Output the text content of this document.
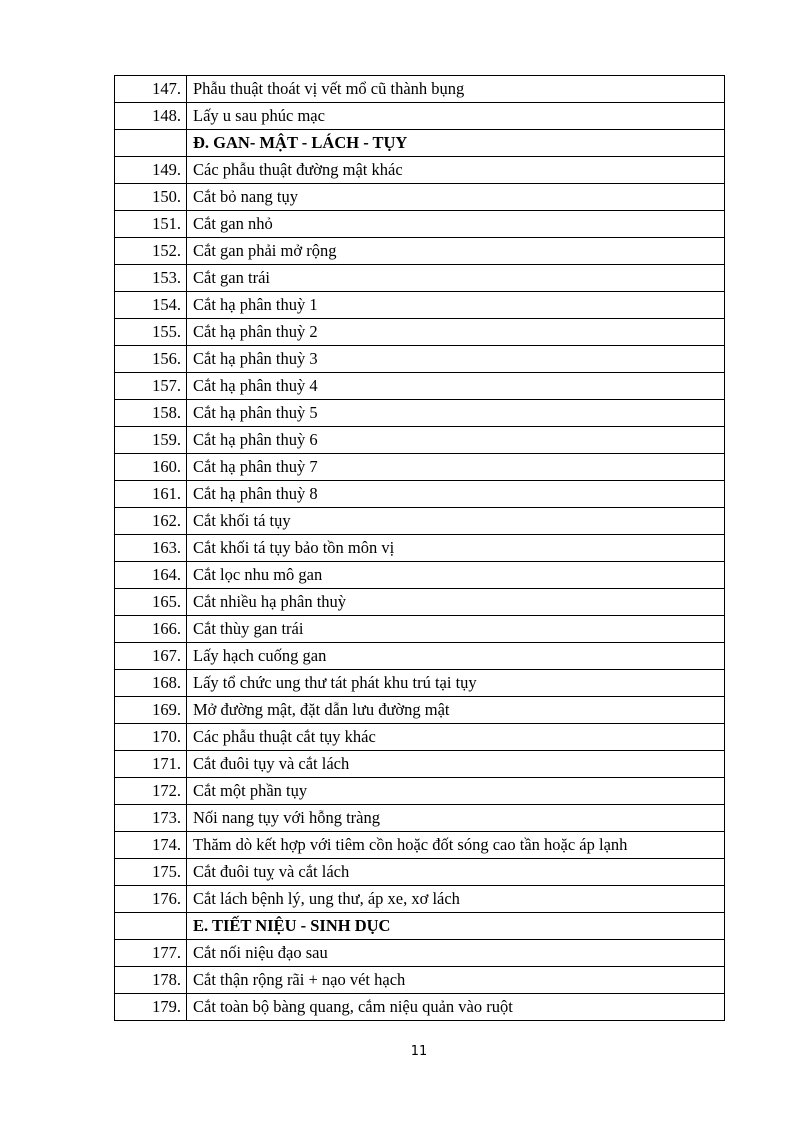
147.	Phẫu thuật thoát vị vết mổ cũ thành bụng
148.	Lấy u sau phúc mạc
	Đ. GAN- MẬT - LÁCH - TỤY
149.	Các phẫu thuật đường mật khác
150.	Cắt bỏ nang tụy
151.	Cắt gan nhỏ
152.	Cắt gan phải mở rộng
153.	Cắt gan trái
154.	Cắt hạ phân thuỳ 1
155.	Cắt hạ phân thuỳ 2
156.	Cắt hạ phân thuỳ 3
157.	Cắt hạ phân thuỳ 4
158.	Cắt hạ phân thuỳ 5
159.	Cắt hạ phân thuỳ 6
160.	Cắt hạ phân thuỳ 7
161.	Cắt hạ phân thuỳ 8
162.	Cắt khối tá tụy
163.	Cắt khối tá tụy bảo tồn môn vị
164.	Cắt lọc nhu mô gan
165.	Cắt nhiều hạ phân thuỳ
166.	Cắt thùy gan trái
167.	Lấy hạch cuống gan
168.	Lấy tổ chức ung thư tát phát khu trú tại tụy
169.	Mở đường mật, đặt dẫn lưu đường mật
170.	Các phẫu thuật cắt tụy khác
171.	Cắt đuôi tụy và cắt lách
172.	Cắt một phần tụy
173.	Nối nang tụy với hỗng tràng
174.	Thăm dò kết hợp với tiêm cồn hoặc đốt sóng cao tần hoặc áp lạnh
175.	Cắt đuôi tuỵ và cắt lách
176.	Cắt lách bệnh lý, ung thư, áp xe, xơ lách
	E. TIẾT NIỆU - SINH DỤC
177.	Cắt nối niệu đạo sau
178.	Cắt thận rộng rãi + nạo vét hạch
179.	Cắt toàn bộ bàng quang, cắm niệu quản vào ruột
11
